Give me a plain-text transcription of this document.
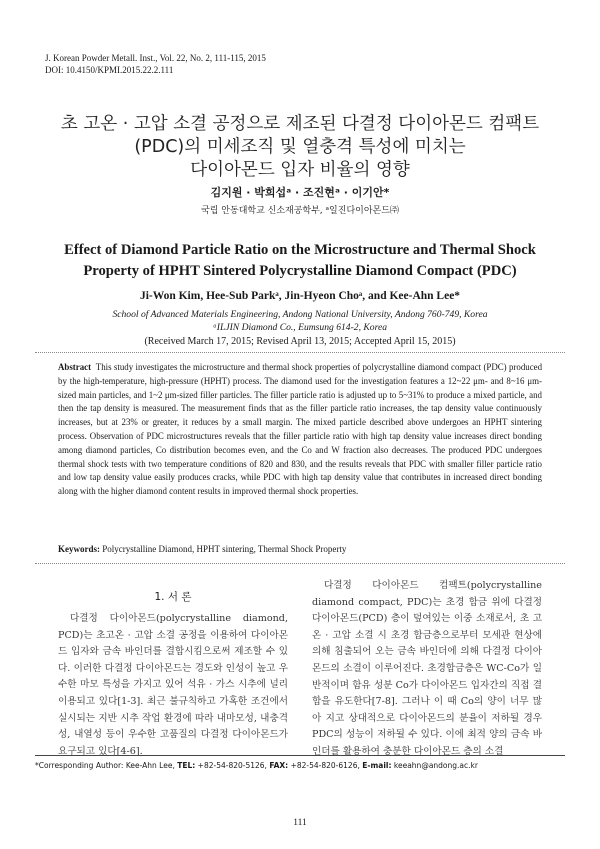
J. Korean Powder Metall. Inst., Vol. 22, No. 2, 111-115, 2015
DOI: 10.4150/KPMI.2015.22.2.111
초 고온 · 고압 소결 공정으로 제조된 다결정 다이아몬드 컴팩트
(PDC)의 미세조직 및 열충격 특성에 미치는
다이아몬드 입자 비율의 영향
김지원 · 박희섭ᵃ · 조진현ᵃ · 이기안*
국립 안동대학교 신소재공학부, ᵃ일진다이아몬드㈜
Effect of Diamond Particle Ratio on the Microstructure and Thermal Shock
Property of HPHT Sintered Polycrystalline Diamond Compact (PDC)
Ji-Won Kim, Hee-Sub Parkᵃ, Jin-Hyeon Choᵃ, and Kee-Ahn Lee*
School of Advanced Materials Engineering, Andong National University, Andong 760-749, Korea
ᵃILJIN Diamond Co., Eumsung 614-2, Korea
(Received March 17, 2015; Revised April 13, 2015; Accepted April 15, 2015)
Abstract This study investigates the microstructure and thermal shock properties of polycrystalline diamond compact (PDC) produced by the high-temperature, high-pressure (HPHT) process. The diamond used for the investigation features a 12~22 μm- and 8~16 μm-sized main particles, and 1~2 μm-sized filler particles. The filler particle ratio is adjusted up to 5~31% to produce a mixed particle, and then the tap density is measured. The measurement finds that as the filler particle ratio increases, the tap density value continuously increases, but at 23% or greater, it reduces by a small margin. The mixed particle described above undergoes an HPHT sintering process. Observation of PDC microstructures reveals that the filler particle ratio with high tap density value increases direct bonding among diamond particles, Co distribution becomes even, and the Co and W fraction also decreases. The produced PDC undergoes thermal shock tests with two temperature conditions of 820 and 830, and the results reveals that PDC with smaller filler particle ratio and low tap density value easily produces cracks, while PDC with high tap density value that contributes in increased direct bonding along with the higher diamond content results in improved thermal shock properties.
Keywords: Polycrystalline Diamond, HPHT sintering, Thermal Shock Property
1. 서 론
다결정 다이아몬드(polycrystalline diamond, PCD)는 초고온 · 고압 소결 공정을 이용하여 다이아몬드 입자와 금속 바인더를 결합시킴으로써 제조할 수 있다. 이러한 다결정 다이아몬드는 경도와 인성이 높고 우수한 마모 특성을 가지고 있어 석유 · 가스 시추에 널리 이용되고 있다[1-3]. 최근 불규칙하고 가혹한 조건에서 실시되는 지반 시추 작업 환경에 따라 내마모성, 내충격성, 내열성 등이 우수한 고품질의 다결정 다이아몬드가 요구되고 있다[4-6].
다결정 다이아몬드 컴팩트(polycrystalline diamond compact, PDC)는 초경 합금 위에 다결정 다이아몬드(PCD) 층이 덮여있는 이중 소재로서, 초 고온 · 고압 소결 시 초경 합금층으로부터 모세관 현상에 의해 침출되어 오는 금속 바인더에 의해 다결정 다이아몬드의 소결이 이루어진다. 초경합금층은 WC-Co가 일반적이며 함유 성분 Co가 다이아몬드 입자간의 직접 결합을 유도한다[7-8]. 그러나 이 때 Co의 양이 너무 많아 지고 상대적으로 다이아몬드의 분율이 저하될 경우 PDC의 성능이 저하될 수 있다. 이에 최적 양의 금속 바인더를 활용하여 충분한 다이아몬드 층의 소결
*Corresponding Author: Kee-Ahn Lee, TEL: +82-54-820-5126, FAX: +82-54-820-6126, E-mail: keeahn@andong.ac.kr
111
